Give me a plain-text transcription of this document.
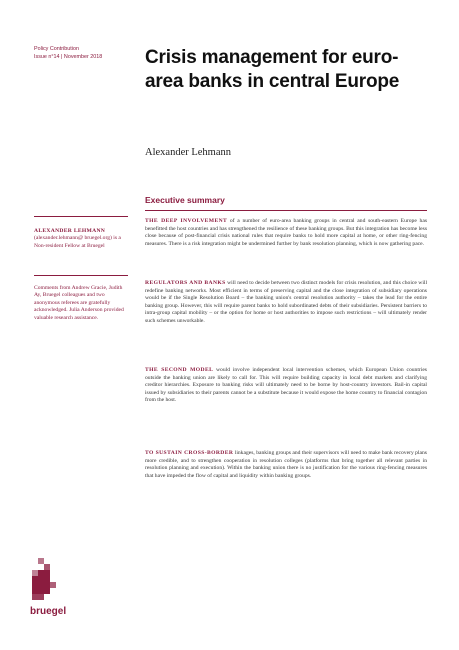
Policy Contribution
Issue n°14 | November 2018	Crisis management for euro-area banks in central Europe
Alexander Lehmann
Executive summary
ALEXANDER LEHMANN (alexander.lehmann@ bruegel.org) is a Non-resident Fellow at Bruegel
Comments from Andrew Gracie, Judith Ay, Bruegel colleagues and two anonymous referees are gratefully acknowledged. Julia Anderson provided valuable research assistance.

THE DEEP INVOLVEMENT of a number of euro-area banking groups in central and south-eastern Europe has benefitted the host countries and has strengthened the resilience of these banking groups. But this integration has become less close because of post-financial crisis national rules that require banks to hold more capital at home, or other ring-fencing measures. There is a risk integration might be undermined further by bank resolution planning, which is now gathering pace.

REGULATORS AND BANKS will need to decide between two distinct models for crisis resolution, and this choice will redefine banking networks. Most efficient in terms of preserving capital and the close integration of subsidiary operations would be if the Single Resolution Board – the banking union's central resolution authority – takes the lead for the entire banking group. However, this will require parent banks to hold subordinated debts of their subsidiaries. Persistent barriers to intra-group capital mobility – or the option for home or host authorities to impose such restrictions – will ultimately render such schemes unworkable.

THE SECOND MODEL would involve independent local intervention schemes, which European Union countries outside the banking union are likely to call for. This will require building capacity in local debt markets and clarifying creditor hierarchies. Exposure to banking risks will ultimately need to be borne by host-country investors. Bail-in capital issued by subsidiaries to their parents cannot be a substitute because it would expose the home country to financial contagion from the host.

TO SUSTAIN CROSS-BORDER linkages, banking groups and their supervisors will need to make bank recovery plans more credible, and to strengthen cooperation in resolution colleges (platforms that bring together all relevant parties in resolution planning and execution). Within the banking union there is no justification for the various ring-fencing measures that have impeded the flow of capital and liquidity within banking groups.

bruegel
